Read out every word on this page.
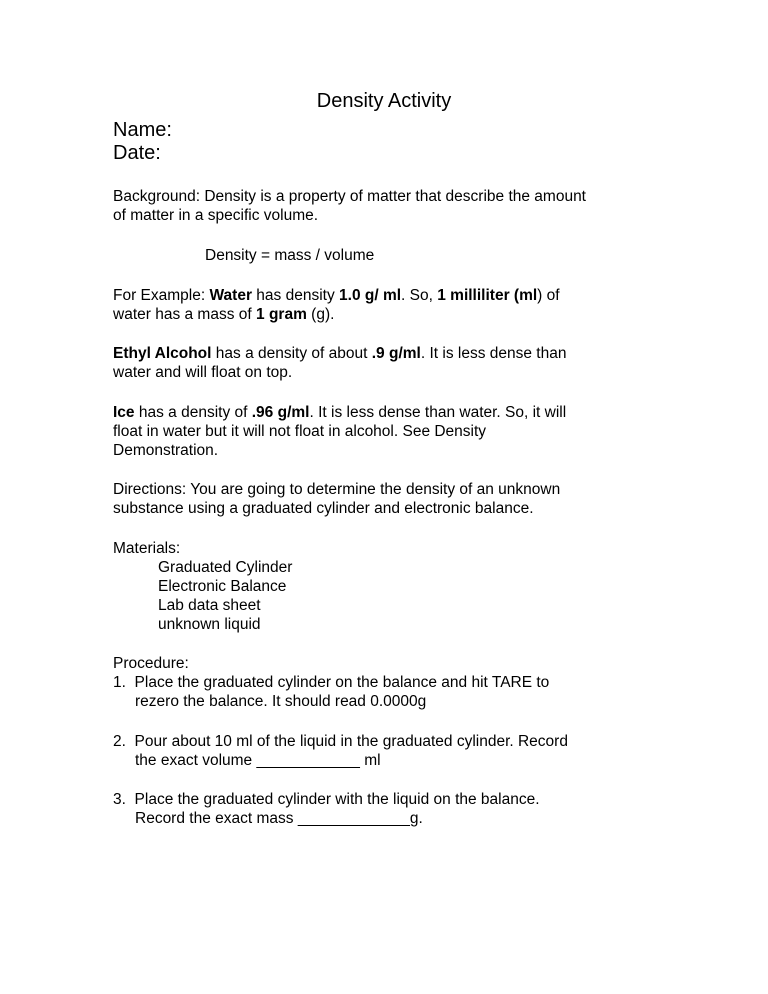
Density Activity
Name:
Date:
Background: Density is a property of matter that describe the amount
of matter in a specific volume.
Density = mass / volume
For Example: Water has density 1.0 g/ ml. So, 1 milliliter (ml) of
water has a mass of 1 gram (g).
Ethyl Alcohol has a density of about .9 g/ml. It is less dense than
water and will float on top.
Ice has a density of .96 g/ml. It is less dense than water. So, it will
float in water but it will not float in alcohol. See Density
Demonstration.
Directions: You are going to determine the density of an unknown
substance using a graduated cylinder and electronic balance.
Materials:
Graduated Cylinder
Electronic Balance
Lab data sheet
unknown liquid
Procedure:
1.  Place the graduated cylinder on the balance and hit TARE to
rezero the balance. It should read 0.0000g
2.  Pour about 10 ml of the liquid in the graduated cylinder. Record
the exact volume ____________ ml
3.  Place the graduated cylinder with the liquid on the balance.
Record the exact mass _____________g.
